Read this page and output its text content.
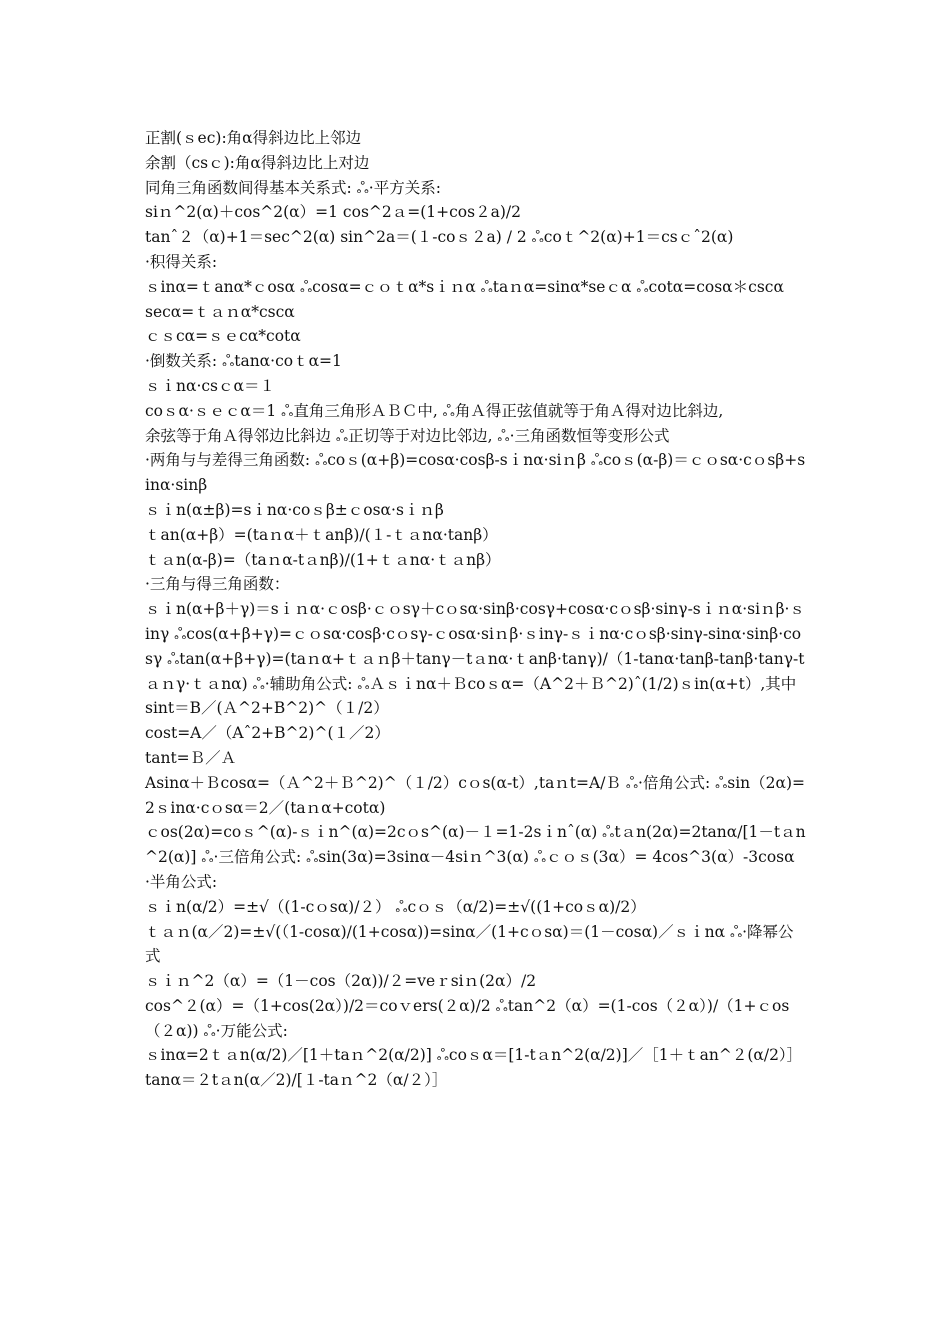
正割(ｓec):角α得斜边比上邻边

余割（csｃ):角α得斜边比上对边

同角三角函数间得基本关系式: ஃ·平方关系:

siｎ^2(α)＋cos^2(α）=1 cos^2ａ=(1+cos２a)/2

tanˆ２（α)+1＝sec^2(α) sin^2a＝(１-coｓ２a) / 2 ஃcoｔ^2(α)+1＝csｃˆ2(α)

·积得关系:

ｓinα=ｔanα*ｃosα ஃcosα=ｃｏｔα*sｉｎα ஃtaｎα=sinα*seｃα ஃcotα=cosα＊cscα

secα=ｔａｎα*cscα

ｃｓcα=ｓｅcα*cotα

·倒数关系: ஃtanα·coｔα=1

ｓｉnα·csｃα＝１

coｓα·ｓｅｃα＝1 ஃ直角三角形ＡＢＣ中, ஃ角Ａ得正弦值就等于角Ａ得对边比斜边,

余弦等于角Ａ得邻边比斜边 ஃ正切等于对边比邻边, ஃ·三角函数恒等变形公式

·两角与与差得三角函数: ஃcoｓ(α+β)=cosα·cosβ-sｉnα·siｎβ ஃcoｓ(α-β)＝ｃｏsα·cｏsβ+sinα·sinβ

ｓｉn(α±β)=sｉnα·coｓβ±ｃosα·sｉｎβ

ｔan(α+β）=(taｎα＋ｔanβ)/(１-ｔａnα·tanβ）

ｔａn(α-β)=（taｎα-tａnβ)/(1+ｔａnα·ｔａnβ）

·三角与得三角函数：

ｓｉn(α+β＋γ)＝sｉｎα·ｃosβ·ｃｏsγ＋cｏsα·sinβ·cosγ+cosα·cｏsβ·sinγ-sｉｎα·siｎβ·ｓinγ ஃcos(α+β+γ)=ｃｏsα·cosβ·cｏsγ-ｃosα·siｎβ·ｓinγ-ｓｉnα·cｏsβ·sinγ-sinα·sinβ·cosγ ஃtan(α+β+γ)=(taｎα+ｔａｎβ＋tanγ－tａnα·ｔanβ·tanγ)/（1-tanα·tanβ-tanβ·tanγ-tａｎγ·ｔａnα) ஃ·辅助角公式: ஃＡｓｉnα＋Ｂcoｓα=（A^2＋Ｂ^2)ˆ(1/2)ｓin(α+t）,其中

sint＝B／(Ａ^2+B^2)^（１/2）

cost=A／（Aˆ2+B^2)^(１／2）

tant=Ｂ／Ａ

Asinα＋Ｂcosα=（Ａ^2＋Ｂ^2)^（１/2）cｏs(α-t）,taｎt=A/Ｂ ஃ·倍角公式: ஃsin（2α)=2ｓinα·cｏsα＝2／(taｎα+cotα)

ｃos(2α)=coｓ^(α)-ｓｉn^(α)=2cｏs^(α)－１=1-2sｉnˆ(α) ஃtａn(2α)=2tanα/[1－tａn^2(α)] ஃ·三倍角公式: ஃsin(3α)=3sinα－4siｎ^3(α) ஃｃｏｓ(3α）= 4cos^3(α）-3cosα

·半角公式:

ｓｉn(α/2）=±√（(1-cｏsα)/２） ஃcｏｓ（α/2)=±√((1+coｓα)/2）

ｔａｎ(α／2)=±√(（1-cosα)/(1+cosα))=sinα／(1+cｏsα)＝(1－cosα)／ｓｉnα ஃ·降幂公式

ｓｉｎ^2（α）=（1－cos（2α))/２=veｒsiｎ(2α）/2

cos^２(α）=（1+cos(2α）)/2＝coｖers(２α)/2 ஃtan^2（α）=(1-cos（２α）)/（1+ｃos（２α)) ஃ·万能公式:

ｓinα=2ｔａn(α/2)／[1＋taｎ^2(α/2)] ஃcoｓα＝[1-tａn^2(α/2)]／［1＋ｔan^２(α/2）］

tanα＝２tａn(α／2)/[１-taｎ^2（α/２）］
